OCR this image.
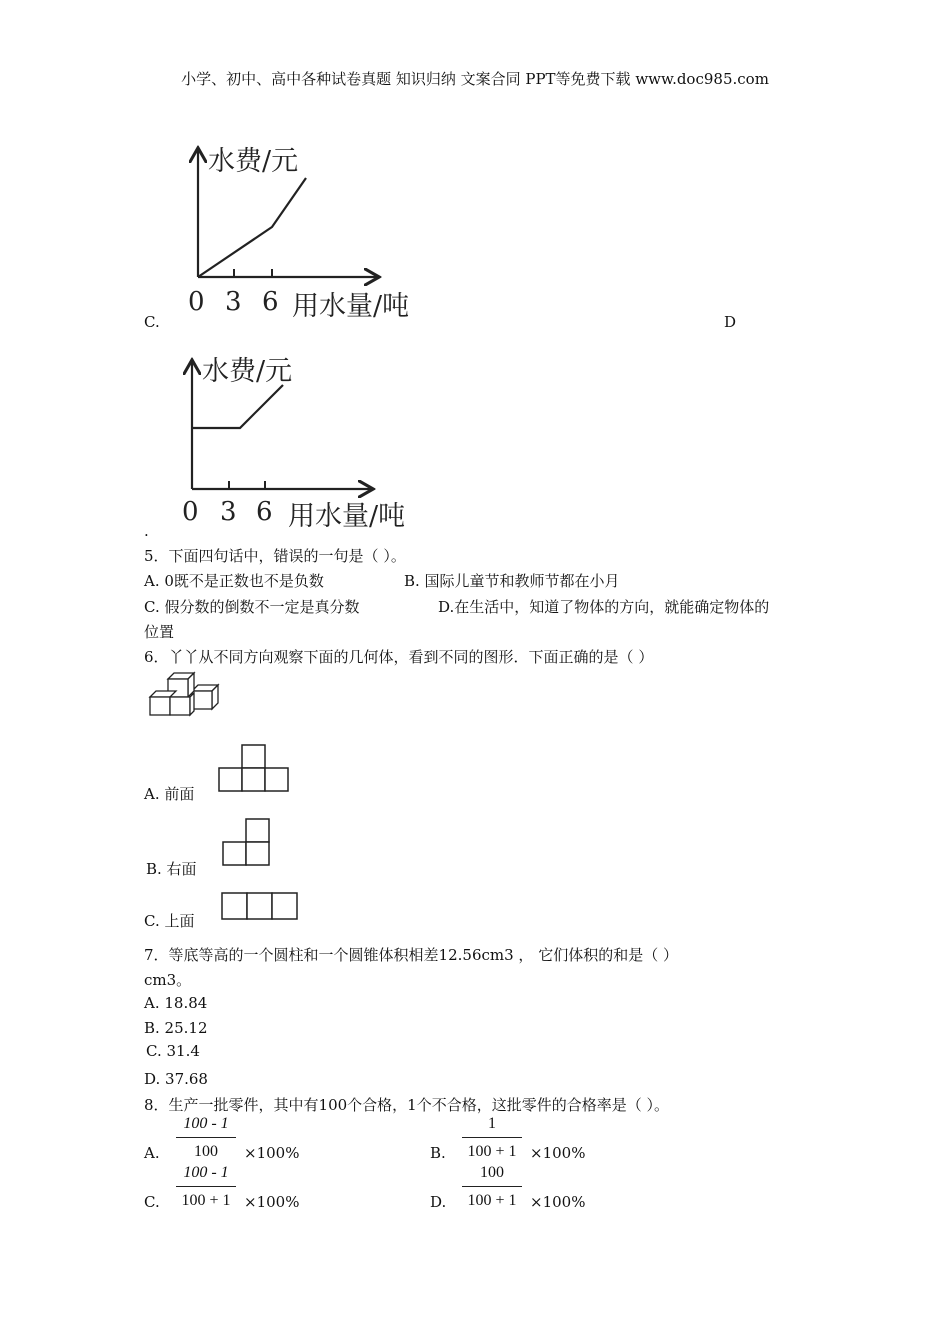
小学、初中、高中各种试卷真题 知识归纳 文案合同 PPT等免费下载 www.doc985.com
C.
水费/元
0 3 6 用水量/吨	D
水费/元
0 3 6 用水量/吨
.
5．下面四句话中，错误的一句是（ ）。
A. 0既不是正数也不是负数	B. 国际儿童节和教师节都在小月
C. 假分数的倒数不一定是真分数	D.在生活中，知道了物体的方向，就能确定物体的
位置
6．丫丫从不同方向观察下面的几何体，看到不同的图形．下面正确的是（ ）
A. 前面
B. 右面
C. 上面
7．等底等高的一个圆柱和一个圆锥体积相差12.56cm3 ， 它们体积的和是（ ）
cm3。
A. 18.84
B. 25.12
C. 31.4
D. 37.68
8．生产一批零件，其中有100个合格，1个不合格，这批零件的合格率是（ ）。
A.
100 - 1
100	×100%	B.
1
100 + 1 ×100%
C.
100 - 1
100 + 1 ×100%	D.
100
100 + 1 ×100%
